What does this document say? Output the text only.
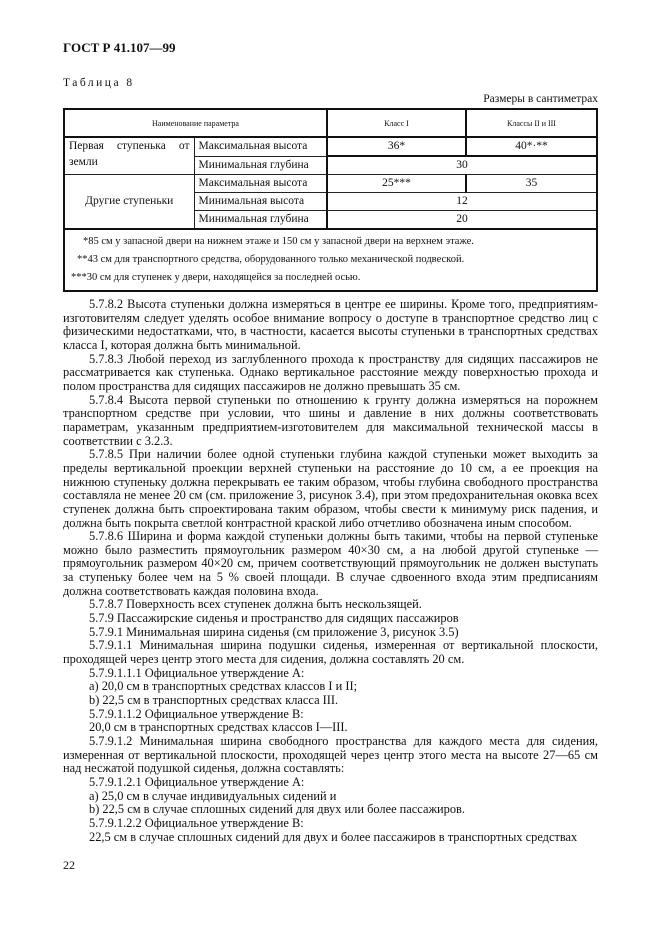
ГОСТ Р 41.107—99
Таблица 8
Размеры в сантиметрах
Наименование параметра		Класс I	Классы II и III
Первая ступенька от земли	Максимальная высота	36*	40*·**
	Минимальная глубина	30	
Другие ступеньки	Максимальная высота	25***	35
	Минимальная высота	12	
	Минимальная глубина	20	

*85 см у запасной двери на нижнем этаже и 150 см у запасной двери на верхнем этаже.
**43 см для транспортного средства, оборудованного только механической подвеской.
***30 см для ступенек у двери, находящейся за последней осью.			

5.7.8.2 Высота ступеньки должна измеряться в центре ее ширины. Кроме того, предприятиям-изготовителям следует уделять особое внимание вопросу о доступе в транспортное средство лиц с физическими недостатками, что, в частности, касается высоты ступеньки в транспортных средствах класса I, которая должна быть минимальной.

5.7.8.3 Любой переход из заглубленного прохода к пространству для сидящих пассажиров не рассматривается как ступенька. Однако вертикальное расстояние между поверхностью прохода и полом пространства для сидящих пассажиров не должно превышать 35 см.

5.7.8.4 Высота первой ступеньки по отношению к грунту должна измеряться на порожнем транспортном средстве при условии, что шины и давление в них должны соответствовать параметрам, указанным предприятием-изготовителем для максимальной технической массы в соответствии с 3.2.3.

5.7.8.5 При наличии более одной ступеньки глубина каждой ступеньки может выходить за пределы вертикальной проекции верхней ступеньки на расстояние до 10 см, а ее проекция на нижнюю ступеньку должна перекрывать ее таким образом, чтобы глубина свободного пространства составляла не менее 20 см (см. приложение 3, рисунок 3.4), при этом предохранительная оковка всех ступенек должна быть спроектирована таким образом, чтобы свести к минимуму риск падения, и должна быть покрыта светлой контрастной краской либо отчетливо обозначена иным способом.

5.7.8.6 Ширина и форма каждой ступеньки должны быть такими, чтобы на первой ступеньке можно было разместить прямоугольник размером 40×30 см, а на любой другой ступеньке — прямоугольник размером 40×20 см, причем соответствующий прямоугольник не должен выступать за ступеньку более чем на 5 % своей площади. В случае сдвоенного входа этим предписаниям должна соответствовать каждая половина входа.

5.7.8.7 Поверхность всех ступенек должна быть нескользящей.

5.7.9 Пассажирские сиденья и пространство для сидящих пассажиров

5.7.9.1 Минимальная ширина сиденья (см приложение 3, рисунок 3.5)

5.7.9.1.1 Минимальная ширина подушки сиденья, измеренная от вертикальной плоскости, проходящей через центр этого места для сидения, должна составлять 20 см.

5.7.9.1.1.1 Официальное утверждение А:

a) 20,0 см в транспортных средствах классов I и II;

b) 22,5 см в транспортных средствах класса III.

5.7.9.1.1.2 Официальное утверждение В:

20,0 см в транспортных средствах классов I—III.

5.7.9.1.2 Минимальная ширина свободного пространства для каждого места для сидения, измеренная от вертикальной плоскости, проходящей через центр этого места на высоте 27—65 см над несжатой подушкой сиденья, должна составлять:

5.7.9.1.2.1 Официальное утверждение А:

a) 25,0 см в случае индивидуальных сидений и

b) 22,5 см в случае сплошных сидений для двух или более пассажиров.

5.7.9.1.2.2 Официальное утверждение В:

22,5 см в случае сплошных сидений для двух и более пассажиров в транспортных средствах

22
